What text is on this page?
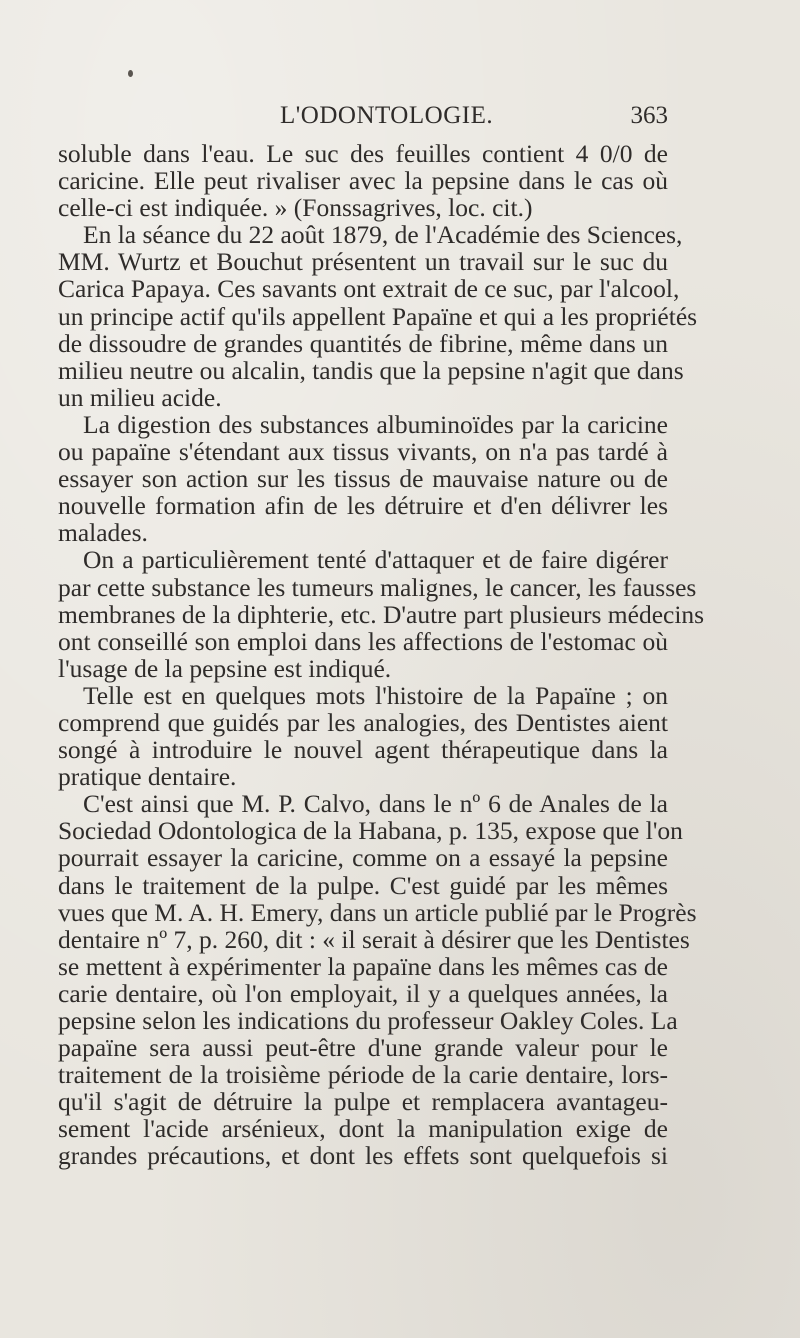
L'ODONTOLOGIE.	363
soluble dans l'eau. Le suc des feuilles contient 4 0/0 de
caricine. Elle peut rivaliser avec la pepsine dans le cas où
celle-ci est indiquée. » (Fonssagrives, loc. cit.)
En la séance du 22 août 1879, de l'Académie des Sciences,
MM. Wurtz et Bouchut présentent un travail sur le suc du
Carica Papaya. Ces savants ont extrait de ce suc, par l'alcool,
un principe actif qu'ils appellent Papaïne et qui a les propriétés
de dissoudre de grandes quantités de fibrine, même dans un
milieu neutre ou alcalin, tandis que la pepsine n'agit que dans
un milieu acide.
La digestion des substances albuminoïdes par la caricine
ou papaïne s'étendant aux tissus vivants, on n'a pas tardé à
essayer son action sur les tissus de mauvaise nature ou de
nouvelle formation afin de les détruire et d'en délivrer les
malades.
On a particulièrement tenté d'attaquer et de faire digérer
par cette substance les tumeurs malignes, le cancer, les fausses
membranes de la diphterie, etc. D'autre part plusieurs médecins
ont conseillé son emploi dans les affections de l'estomac où
l'usage de la pepsine est indiqué.
Telle est en quelques mots l'histoire de la Papaïne ; on
comprend que guidés par les analogies, des Dentistes aient
songé à introduire le nouvel agent thérapeutique dans la
pratique dentaire.
C'est ainsi que M. P. Calvo, dans le nº 6 de Anales de la
Sociedad Odontologica de la Habana, p. 135, expose que l'on
pourrait essayer la caricine, comme on a essayé la pepsine
dans le traitement de la pulpe. C'est guidé par les mêmes
vues que M. A. H. Emery, dans un article publié par le Progrès
dentaire nº 7, p. 260, dit : « il serait à désirer que les Dentistes
se mettent à expérimenter la papaïne dans les mêmes cas de
carie dentaire, où l'on employait, il y a quelques années, la
pepsine selon les indications du professeur Oakley Coles. La
papaïne sera aussi peut-être d'une grande valeur pour le
traitement de la troisième période de la carie dentaire, lors-
qu'il s'agit de détruire la pulpe et remplacera avantageu-
sement l'acide arsénieux, dont la manipulation exige de
grandes précautions, et dont les effets sont quelquefois si
